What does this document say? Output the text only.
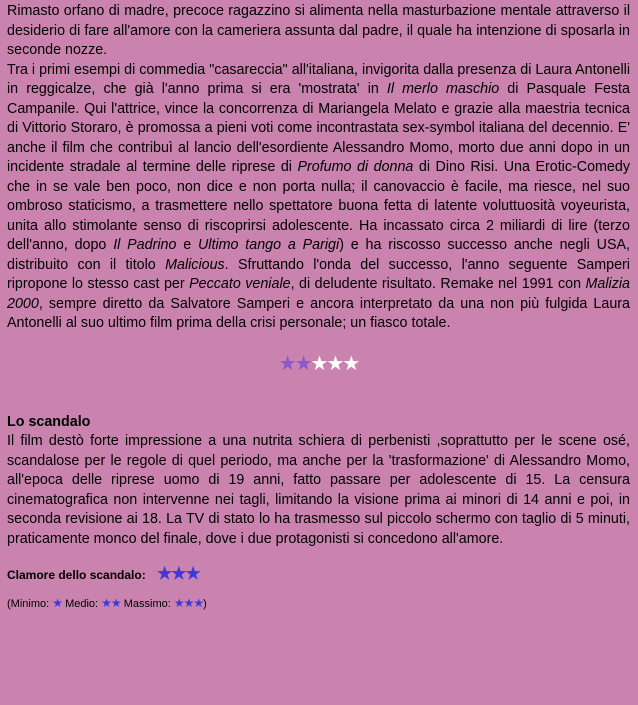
Rimasto orfano di madre, precoce ragazzino si alimenta nella masturbazione mentale attraverso il desiderio di fare all'amore con la cameriera assunta dal padre, il quale ha intenzione di sposarla in seconde nozze.
Tra i primi esempi di commedia "casareccia" all'italiana, invigorita dalla presenza di Laura Antonelli in reggicalze, che già l'anno prima si era 'mostrata' in Il merlo maschio di Pasquale Festa Campanile. Qui l'attrice, vince la concorrenza di Mariangela Melato e grazie alla maestria tecnica di Vittorio Storaro, è promossa a pieni voti come incontrastata sex-symbol italiana del decennio. E' anche il film che contribuì al lancio dell'esordiente Alessandro Momo, morto due anni dopo in un incidente stradale al termine delle riprese di Profumo di donna di Dino Risi. Una Erotic-Comedy che in se vale ben poco, non dice e non porta nulla; il canovaccio è facile, ma riesce, nel suo ombroso staticismo, a trasmettere nello spettatore buona fetta di latente voluttuosità voyeurista, unita allo stimolante senso di riscoprirsi adolescente. Ha incassato circa 2 miliardi di lire (terzo dell'anno, dopo Il Padrino e Ultimo tango a Parigi) e ha riscosso successo anche negli USA, distribuito con il titolo Malicious. Sfruttando l'onda del successo, l'anno seguente Samperi ripropone lo stesso cast per Peccato veniale, di deludente risultato. Remake nel 1991 con Malizia 2000, sempre diretto da Salvatore Samperi e ancora interpretato da una non più fulgida Laura Antonelli al suo ultimo film prima della crisi personale; un fiasco totale.

★★★★★
Lo scandalo

Il film destò forte impressione a una nutrita schiera di perbenisti ,soprattutto per le scene osé, scandalose per le regole di quel periodo, ma anche per la 'trasformazione' di Alessandro Momo, all'epoca delle riprese uomo di 19 anni, fatto passare per adolescente di 15. La censura cinematografica non intervenne nei tagli, limitando la visione prima ai minori di 14 anni e poi, in seconda revisione ai 18. La TV di stato lo ha trasmesso sul piccolo schermo con taglio di 5 minuti, praticamente monco del finale, dove i due protagonisti si concedono all'amore.

Clamore dello scandalo: ★★★
(Minimo: ★ Medio: ★★ Massimo: ★★★)
